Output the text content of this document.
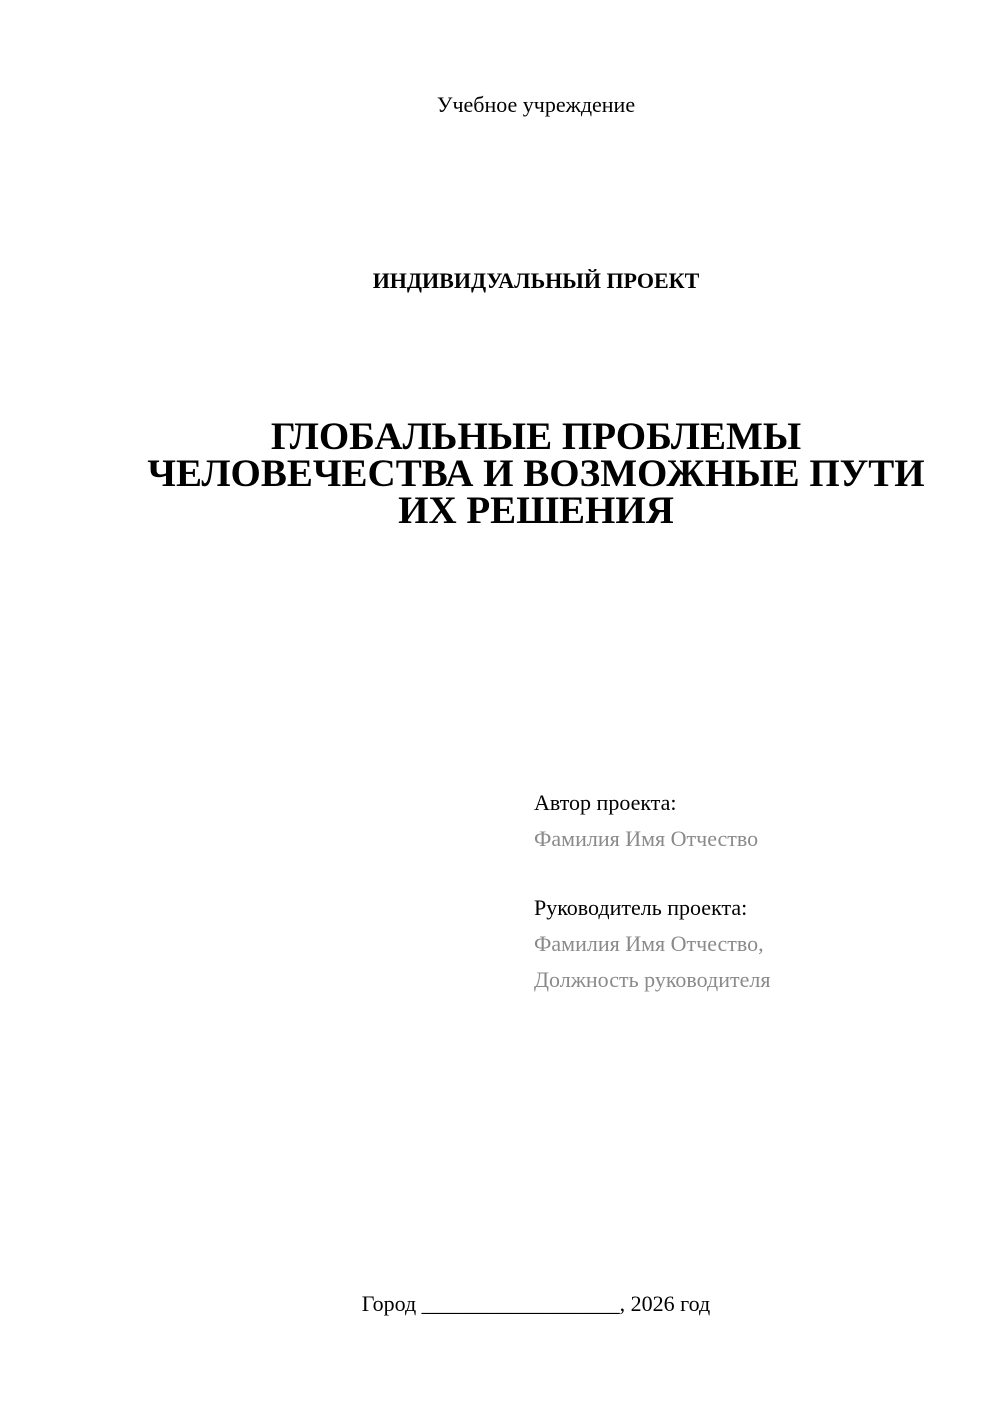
Учебное учреждение
ИНДИВИДУАЛЬНЫЙ ПРОЕКТ
ГЛОБАЛЬНЫЕ ПРОБЛЕМЫ
ЧЕЛОВЕЧЕСТВА И ВОЗМОЖНЫЕ ПУТИ
ИХ РЕШЕНИЯ
Автор проекта:
Фамилия Имя Отчество
Руководитель проекта:
Фамилия Имя Отчество,
Должность руководителя
Город __________________, 2026 год
